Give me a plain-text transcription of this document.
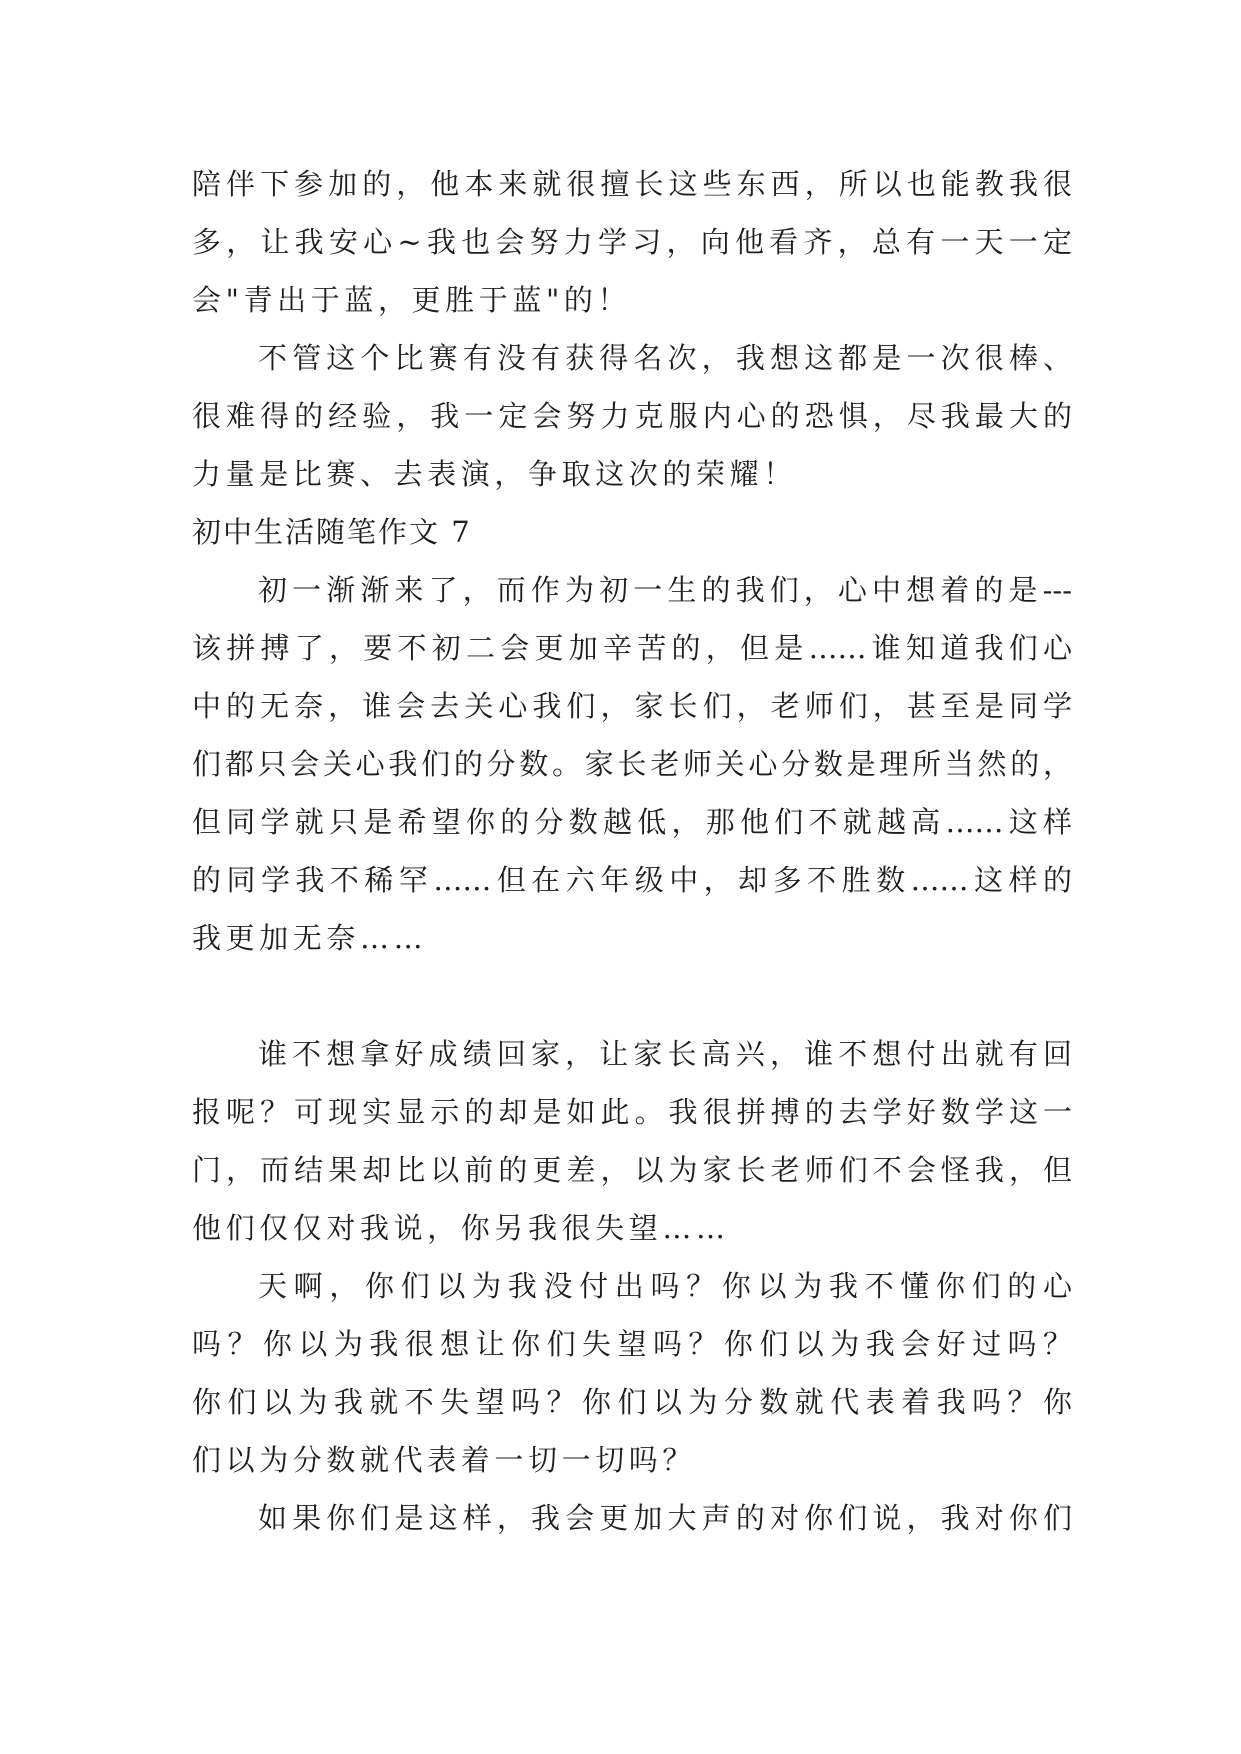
陪伴下参加的，他本来就很擅长这些东西，所以也能教我很
多，让我安心~我也会努力学习，向他看齐，总有一天一定
会"青出于蓝，更胜于蓝"的！
不管这个比赛有没有获得名次，我想这都是一次很棒、
很难得的经验，我一定会努力克服内心的恐惧，尽我最大的
力量是比赛、去表演，争取这次的荣耀！
初中生活随笔作文 7
初一渐渐来了，而作为初一生的我们，心中想着的是---
该拼搏了，要不初二会更加辛苦的，但是……谁知道我们心
中的无奈，谁会去关心我们，家长们，老师们，甚至是同学
们都只会关心我们的分数。家长老师关心分数是理所当然的，
但同学就只是希望你的分数越低，那他们不就越高……这样
的同学我不稀罕……但在六年级中，却多不胜数……这样的
我更加无奈……
谁不想拿好成绩回家，让家长高兴，谁不想付出就有回
报呢？可现实显示的却是如此。我很拼搏的去学好数学这一
门，而结果却比以前的更差，以为家长老师们不会怪我，但
他们仅仅对我说，你另我很失望……
天啊，你们以为我没付出吗？你以为我不懂你们的心
吗？你以为我很想让你们失望吗？你们以为我会好过吗？
你们以为我就不失望吗？你们以为分数就代表着我吗？你
们以为分数就代表着一切一切吗？
如果你们是这样，我会更加大声的对你们说，我对你们
